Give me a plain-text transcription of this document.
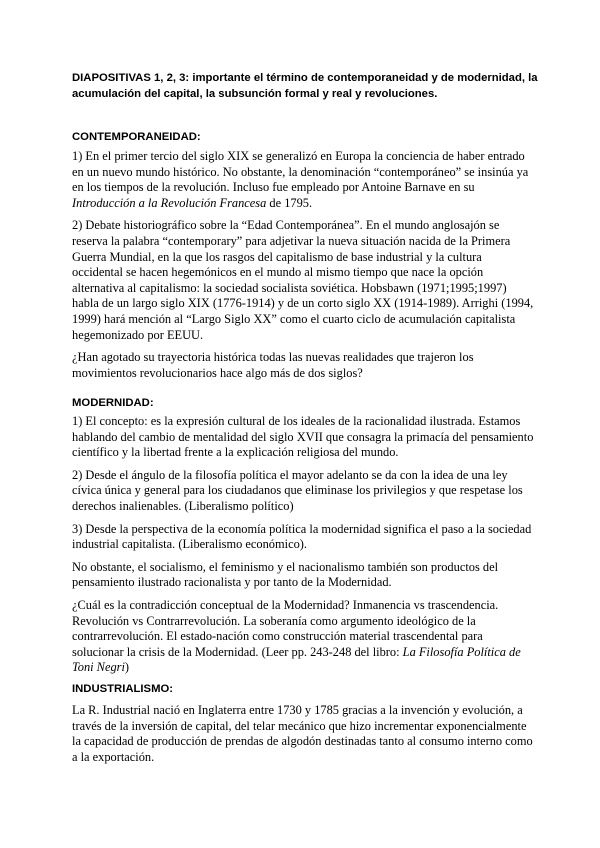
DIAPOSITIVAS 1, 2, 3: importante el término de contemporaneidad y de modernidad, la acumulación del capital, la subsunción formal y real y revoluciones.

CONTEMPORANEIDAD:

1) En el primer tercio del siglo XIX se generalizó en Europa la conciencia de haber entrado en un nuevo mundo histórico. No obstante, la denominación “contemporáneo” se insinúa ya en los tiempos de la revolución. Incluso fue empleado por Antoine Barnave en su Introducción a la Revolución Francesa de 1795.

2) Debate historiográfico sobre la “Edad Contemporánea”. En el mundo anglosajón se reserva la palabra “contemporary” para adjetivar la nueva situación nacida de la Primera Guerra Mundial, en la que los rasgos del capitalismo de base industrial y la cultura occidental se hacen hegemónicos en el mundo al mismo tiempo que nace la opción alternativa al capitalismo: la sociedad socialista soviética. Hobsbawn (1971;1995;1997) habla de un largo siglo XIX (1776-1914) y de un corto siglo XX (1914-1989). Arrighi (1994, 1999) hará mención al “Largo Siglo XX” como el cuarto ciclo de acumulación capitalista hegemonizado por EEUU.

¿Han agotado su trayectoria histórica todas las nuevas realidades que trajeron los movimientos revolucionarios hace algo más de dos siglos?

MODERNIDAD:

1) El concepto: es la expresión cultural de los ideales de la racionalidad ilustrada. Estamos hablando del cambio de mentalidad del siglo XVII que consagra la primacía del pensamiento científico y la libertad frente a la explicación religiosa del mundo.

2) Desde el ángulo de la filosofía política el mayor adelanto se da con la idea de una ley cívica única y general para los ciudadanos que eliminase los privilegios y que respetase los derechos inalienables. (Liberalismo político)

3) Desde la perspectiva de la economía política la modernidad significa el paso a la sociedad industrial capitalista. (Liberalismo económico).

No obstante, el socialismo, el feminismo y el nacionalismo también son productos del pensamiento ilustrado racionalista y por tanto de la Modernidad.

¿Cuál es la contradicción conceptual de la Modernidad? Inmanencia vs trascendencia. Revolución vs Contrarrevolución. La soberanía como argumento ideológico de la contrarrevolución. El estado-nación como construcción material trascendental para solucionar la crisis de la Modernidad. (Leer pp. 243-248 del libro: La Filosofía Política de Toni Negri)

INDUSTRIALISMO:

La R. Industrial nació en Inglaterra entre 1730 y 1785 gracias a la invención y evolución, a través de la inversión de capital, del telar mecánico que hizo incrementar exponencialmente la capacidad de producción de prendas de algodón destinadas tanto al consumo interno como a la exportación.
